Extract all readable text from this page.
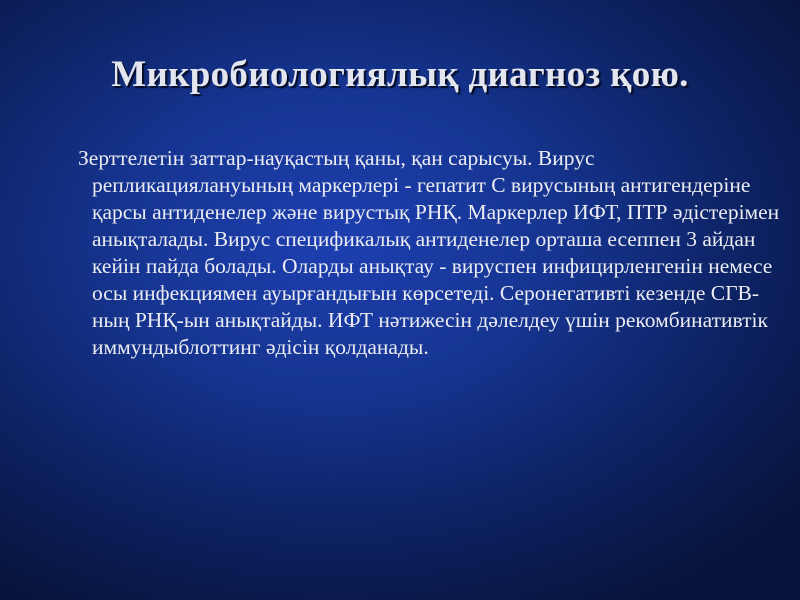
Микробиологиялық диагноз қою.
Зерттелетін заттар-науқастың қаны, қан сарысуы. Вирус репликациялануының маркерлері - гепатит С вирусының антигендеріне қарсы антиденелер және вирустық РНҚ. Маркерлер ИФТ, ПТР әдістерімен анықталады. Вирус спецификалық антиденелер орташа есеппен 3 айдан кейін пайда болады. Оларды анықтау - вируспен инфицирленгенін немесе осы инфекциямен ауырғандығын көрсетеді. Серонегативті кезенде СГВ-ның РНҚ-ын анықтайды. ИФТ нәтижесін дәлелдеу үшін рекомбинативтік иммундыблоттинг әдісін қолданады.
